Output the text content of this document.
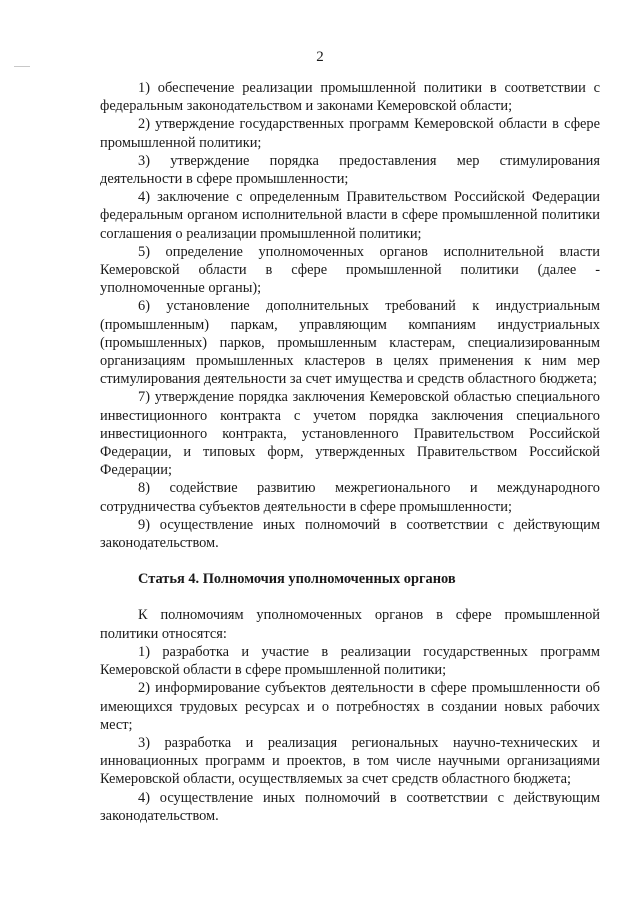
2

1) обеспечение реализации промышленной политики в соответствии с федеральным законодательством и законами Кемеровской области;

2) утверждение государственных программ Кемеровской области в сфере промышленной политики;

3) утверждение порядка предоставления мер стимулирования деятельности в сфере промышленности;

4) заключение с определенным Правительством Российской Федерации федеральным органом исполнительной власти в сфере промышленной политики соглашения о реализации промышленной политики;

5) определение уполномоченных органов исполнительной власти Кемеровской области в сфере промышленной политики (далее - уполномоченные органы);

6) установление дополнительных требований к индустриальным (промышленным) паркам, управляющим компаниям индустриальных (промышленных) парков, промышленным кластерам, специализированным организациям промышленных кластеров в целях применения к ним мер стимулирования деятельности за счет имущества и средств областного бюджета;

7) утверждение порядка заключения Кемеровской областью специального инвестиционного контракта с учетом порядка заключения специального инвестиционного контракта, установленного Правительством Российской Федерации, и типовых форм, утвержденных Правительством Российской Федерации;

8) содействие развитию межрегионального и международного сотрудничества субъектов деятельности в сфере промышленности;

9) осуществление иных полномочий в соответствии с действующим законодательством.

Статья 4. Полномочия уполномоченных органов

К полномочиям уполномоченных органов в сфере промышленной политики относятся:

1) разработка и участие в реализации государственных программ Кемеровской области в сфере промышленной политики;

2) информирование субъектов деятельности в сфере промышленности об имеющихся трудовых ресурсах и о потребностях в создании новых рабочих мест;

3) разработка и реализация региональных научно-технических и инновационных программ и проектов, в том числе научными организациями Кемеровской области, осуществляемых за счет средств областного бюджета;

4) осуществление иных полномочий в соответствии с действующим законодательством.
